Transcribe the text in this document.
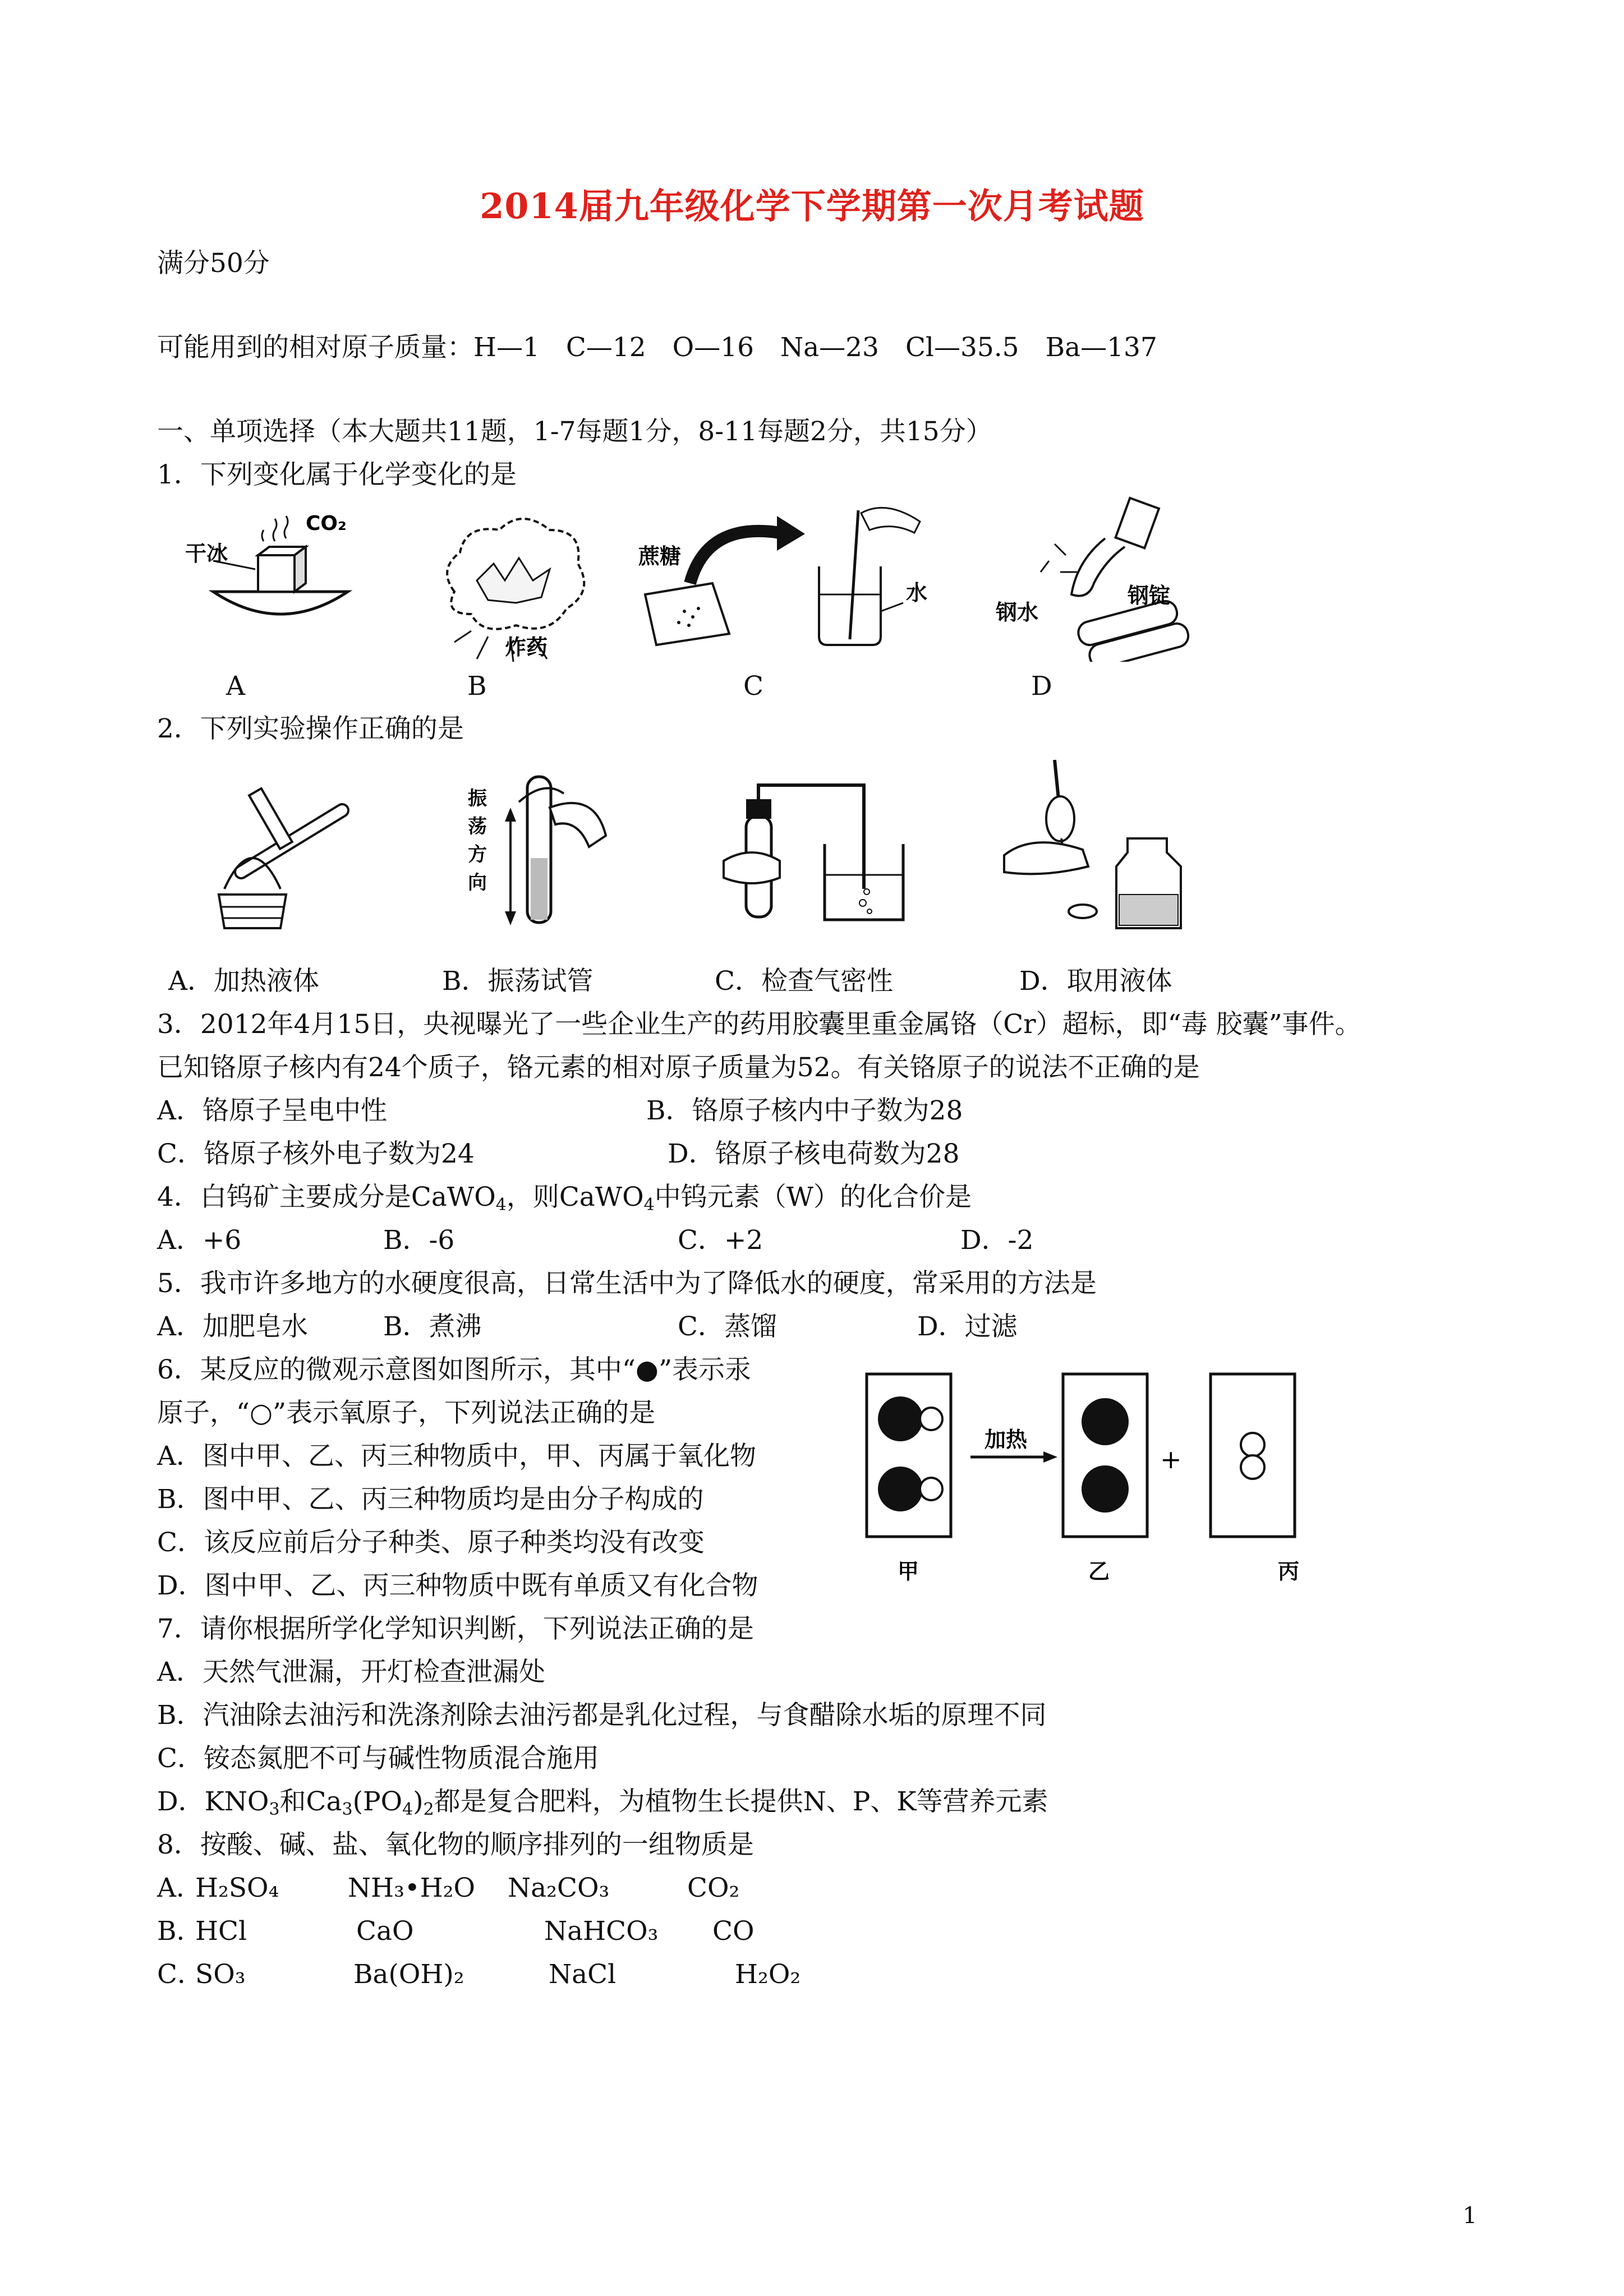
2014届九年级化学下学期第一次月考试题
满分50分
可能用到的相对原子质量：H—1　C—12　O—16　Na—23　Cl—35.5　Ba—137
一、单项选择（本大题共11题，1-7每题1分，8-11每题2分，共15分）
1．下列变化属于化学变化的是
干冰
CO₂
炸药
蔗糖
水
钢水
钢锭
A	B	C	D
2．下列实验操作正确的是
振
荡
方
向
A．加热液体	B．振荡试管	C．检查气密性	D．取用液体
3．2012年4月15日，央视曝光了一些企业生产的药用胶囊里重金属铬（Cr）超标，即“毒 胶囊”事件。
已知铬原子核内有24个质子，铬元素的相对原子质量为52。有关铬原子的说法不正确的是
A．铬原子呈电中性	B．铬原子核内中子数为28
C．铬原子核外电子数为24	D．铬原子核电荷数为28
4．白钨矿主要成分是CaWO$_4$，则CaWO$_4$中钨元素（W）的化合价是
A．+6	B．-6	C．+2	D．-2
5．我市许多地方的水硬度很高，日常生活中为了降低水的硬度，常采用的方法是
A．加肥皂水	B．煮沸	C．蒸馏	D．过滤
6．某反应的微观示意图如图所示，其中“●”表示汞
原子，“○”表示氧原子，下列说法正确的是
A．图中甲、乙、丙三种物质中，甲、丙属于氧化物
B．图中甲、乙、丙三种物质均是由分子构成的
C．该反应前后分子种类、原子种类均没有改变
D．图中甲、乙、丙三种物质中既有单质又有化合物
加热
+
甲	乙	丙
7．请你根据所学化学知识判断，下列说法正确的是
A．天然气泄漏，开灯检查泄漏处
B．汽油除去油污和洗涤剂除去油污都是乳化过程，与食醋除水垢的原理不同
C．铵态氮肥不可与碱性物质混合施用
D．$KNO_3$和$Ca_3(PO_4)_2$都是复合肥料，为植物生长提供N、P、K等营养元素
8．按酸、碱、盐、氧化物的顺序排列的一组物质是
A．
H₂SO₄	NH₃•H₂O Na₂CO₃	CO₂
B．
HCl	CaO	NaHCO₃ CO
C．
SO₃	Ba(OH)₂	NaCl	H₂O₂
1
